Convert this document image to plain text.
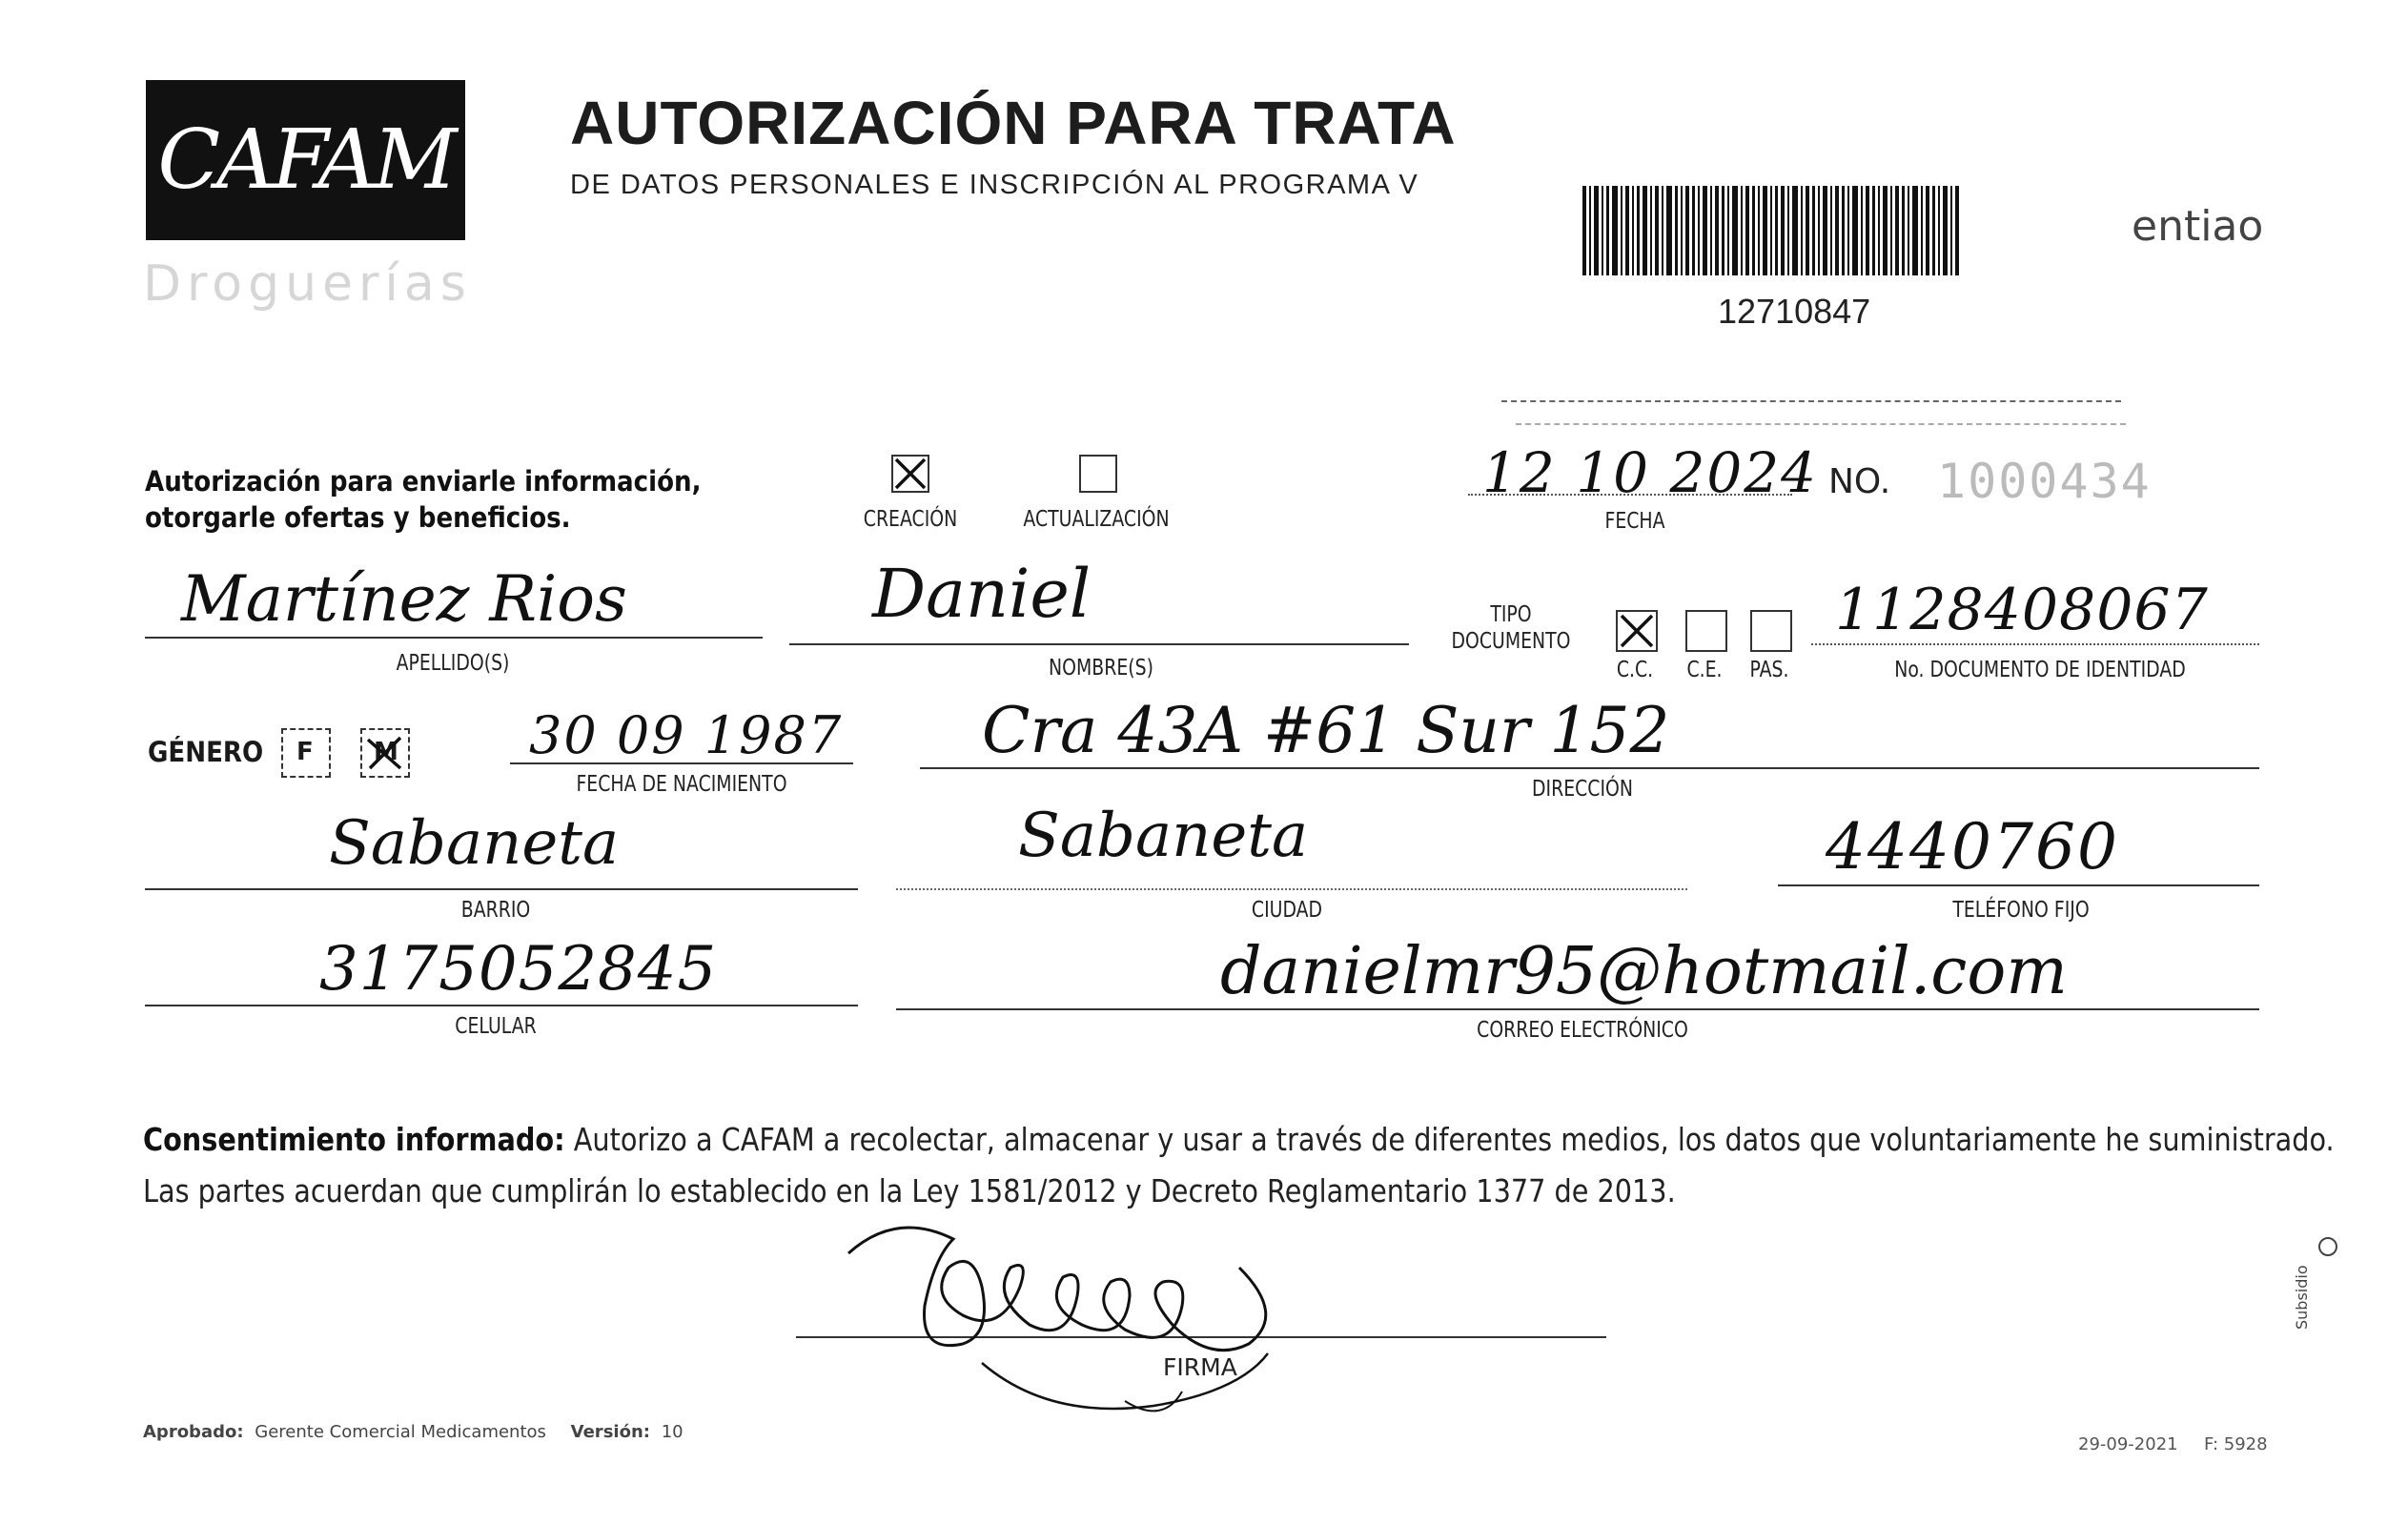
CAFAM
Droguerías
AUTORIZACIÓN PARA TRATA
DE DATOS PERSONALES E INSCRIPCIÓN AL PROGRAMA V
entiao
12710847
Autorización para enviarle información,
otorgarle ofertas y beneficios.	CREACIÓN	ACTUALIZACIÓN
12 10 2024
FECHA
NO. 1000434
Martínez Rios
APELLIDO(S)
Daniel
NOMBRE(S)
TIPO
DOCUMENTO
C.C. C.E. PAS.
1128408067
No. DOCUMENTO DE IDENTIDAD
GÉNERO F M	30 09 1987
FECHA DE NACIMIENTO
Cra 43A #61 Sur 152
DIRECCIÓN
Sabaneta
BARRIO
Sabaneta
CIUDAD
4440760
TELÉFONO FIJO
3175052845
CELULAR
danielmr95@hotmail.com
CORREO ELECTRÓNICO
Consentimiento informado: Autorizo a CAFAM a recolectar, almacenar y usar a través de diferentes medios, los datos que voluntariamente he suministrado.
Las partes acuerdan que cumplirán lo establecido en la Ley 1581/2012 y Decreto Reglamentario 1377 de 2013.
FIRMA
Aprobado: Gerente Comercial Medicamentos Versión: 10
29-09-2021 F: 5928
Subsidio
